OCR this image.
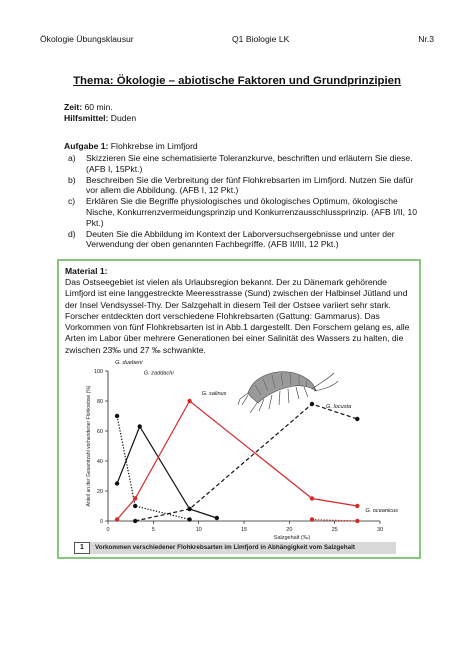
Ökologie Übungsklausur	Q1 Biologie LK	Nr.3
Thema: Ökologie – abiotische Faktoren und Grundprinzipien
Zeit: 60 min.
Hilfsmittel: Duden
Aufgabe 1: Flohkrebse im Limfjord
a) Skizzieren Sie eine schematisierte Toleranzkurve, beschriften und erläutern Sie diese. (AFB I, 15Pkt.)
b) Beschreiben Sie die Verbreitung der fünf Flohkrebsarten im Limfjord. Nutzen Sie dafür vor allem die Abbildung. (AFB I, 12 Pkt.)
c) Erklären Sie die Begriffe physiologisches und ökologisches Optimum, ökologische Nische, Konkurrenzvermeidungsprinzip und Konkurrenzausschlussprinzip. (AFB I/II, 10 Pkt.)
d) Deuten Sie die Abbildung im Kontext der Laborversuchsergebnisse und unter der Verwendung der oben genannten Fachbegriffe. (AFB II/III, 12 Pkt.)
Material 1:
Das Ostseegebiet ist vielen als Urlaubsregion bekannt. Der zu Dänemark gehörende Limfjord ist eine langgestreckte Meeresstrasse (Sund) zwischen der Halbinsel Jütland und der Insel Vendsyssel-Thy. Der Salzgehalt in diesem Teil der Ostsee variiert sehr stark. Forscher entdeckten dort verschiedene Flohkrebsarten (Gattung: Gammarus). Das Vorkommen von fünf Flohkrebsarten ist in Abb.1 dargestellt. Den Forschern gelang es, alle Arten im Labor über mehrere Generationen bei einer Salinität des Wassers zu halten, die zwischen 23‰ und 27 ‰ schwankte.
0	5	10	15	20	25	30
0
20
40
60
80
100
Salzgehalt (‰)
Anteil an der Gesamtzahl vorhandener Flohkrebse (%)
G. duebeni
G. zaddachi
G. salinus
G. locusta
G. oceanicus
1	Vorkommen verschiedener Flohkrebsarten im Limfjord in Abhängigkeit vom Salzgehalt
